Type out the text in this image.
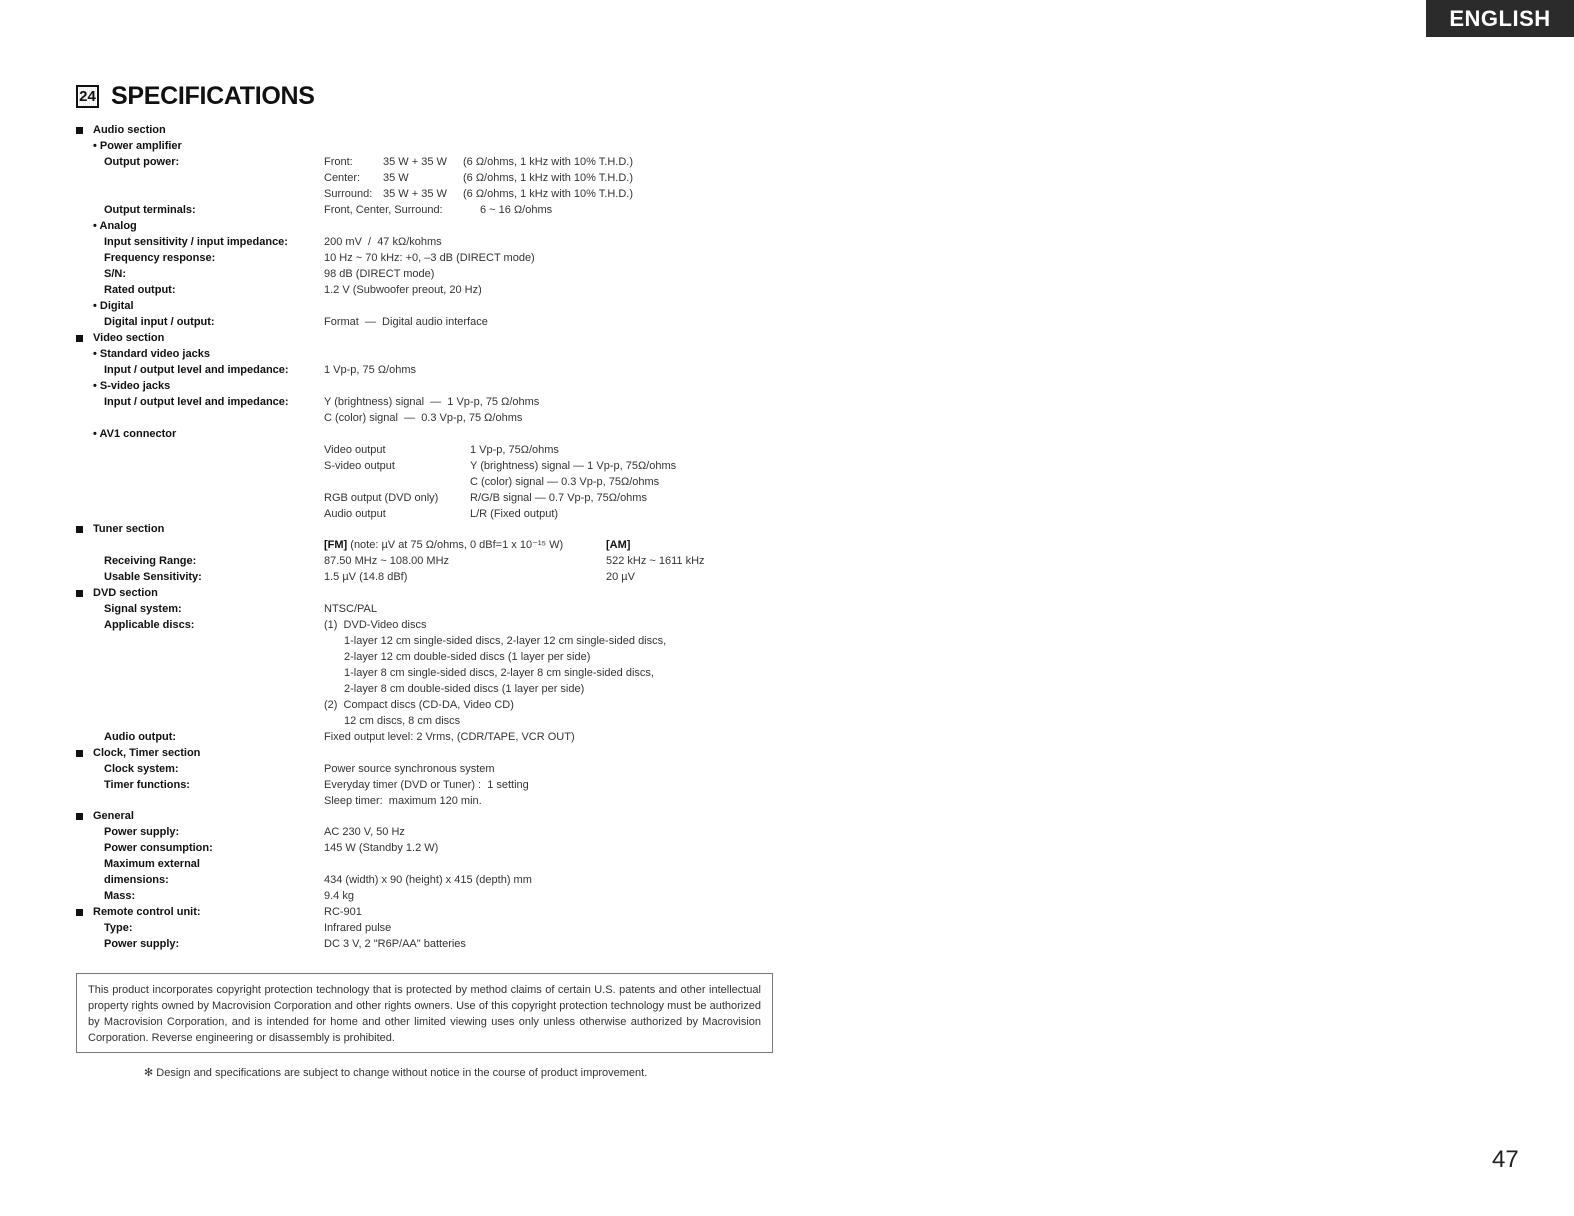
ENGLISH
24 SPECIFICATIONS
Audio section
• Power amplifier
Output power:	Front:	35 W + 35 W (6 Ω/ohms, 1 kHz with 10% T.H.D.)
Center: 35 W	(6 Ω/ohms, 1 kHz with 10% T.H.D.)
Surround: 35 W + 35 W (6 Ω/ohms, 1 kHz with 10% T.H.D.)
Output terminals:	Front, Center, Surround:	6 ~ 16 Ω/ohms
• Analog
Input sensitivity / input impedance:	200 mV  /  47 kΩ/kohms
Frequency response:	10 Hz ~ 70 kHz: +0, –3 dB (DIRECT mode)
S/N:	98 dB (DIRECT mode)
Rated output:	1.2 V (Subwoofer preout, 20 Hz)
• Digital
Digital input / output:	Format  —  Digital audio interface
Video section
• Standard video jacks
Input / output level and impedance:	1 Vp-p, 75 Ω/ohms
• S-video jacks
Input / output level and impedance:	Y (brightness) signal  —  1 Vp-p, 75 Ω/ohms
C (color) signal  —  0.3 Vp-p, 75 Ω/ohms
• AV1 connector
Video output	1 Vp-p, 75Ω/ohms
S-video output	Y (brightness) signal — 1 Vp-p, 75Ω/ohms
C (color) signal — 0.3 Vp-p, 75Ω/ohms
RGB output (DVD only)	R/G/B signal — 0.7 Vp-p, 75Ω/ohms
Audio output	L/R (Fixed output)
Tuner section
[FM] (note: µV at 75 Ω/ohms, 0 dBf=1 x 10⁻¹⁵ W)	[AM]
Receiving Range:	87.50 MHz ~ 108.00 MHz	522 kHz ~ 1611 kHz
Usable Sensitivity:	1.5 µV (14.8 dBf)	20 µV
DVD section
Signal system:	NTSC/PAL
Applicable discs:	(1)  DVD-Video discs
1-layer 12 cm single-sided discs, 2-layer 12 cm single-sided discs,
2-layer 12 cm double-sided discs (1 layer per side)
1-layer 8 cm single-sided discs, 2-layer 8 cm single-sided discs,
2-layer 8 cm double-sided discs (1 layer per side)
(2)  Compact discs (CD-DA, Video CD)
12 cm discs, 8 cm discs
Audio output:	Fixed output level: 2 Vrms, (CDR/TAPE, VCR OUT)
Clock, Timer section
Clock system:	Power source synchronous system
Timer functions:	Everyday timer (DVD or Tuner) :  1 setting
Sleep timer:  maximum 120 min.
General
Power supply:	AC 230 V, 50 Hz
Power consumption:	145 W (Standby 1.2 W)
Maximum external
dimensions:	434 (width) x 90 (height) x 415 (depth) mm
Mass:	9.4 kg
Remote control unit:	RC-901
Type:	Infrared pulse
Power supply:	DC 3 V, 2 "R6P/AA" batteries
This product incorporates copyright protection technology that is protected by method claims of certain U.S. patents and other intellectual property rights owned by Macrovision Corporation and other rights owners. Use of this copyright protection technology must be authorized by Macrovision Corporation, and is intended for home and other limited viewing uses only unless otherwise authorized by Macrovision Corporation. Reverse engineering or disassembly is prohibited.
✻ Design and specifications are subject to change without notice in the course of product improvement.
47
